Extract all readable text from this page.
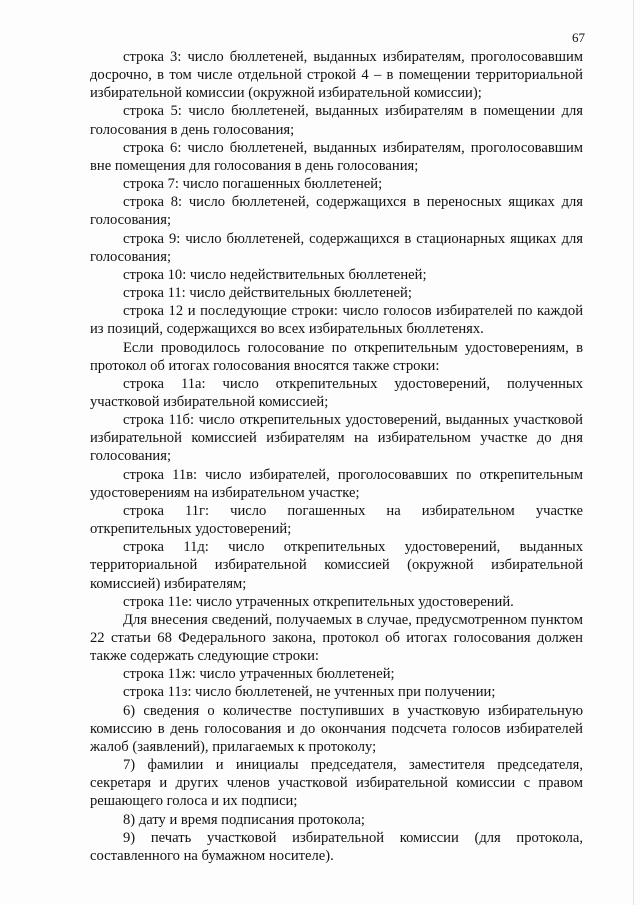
67

строка 3: число бюллетеней, выданных избирателям, проголосовавшим досрочно, в том числе отдельной строкой 4 – в помещении территориальной избирательной комиссии (окружной избирательной комиссии);

строка 5: число бюллетеней, выданных избирателям в помещении для голосования в день голосования;

строка 6: число бюллетеней, выданных избирателям, проголосовавшим вне помещения для голосования в день голосования;

строка 7: число погашенных бюллетеней;

строка 8: число бюллетеней, содержащихся в переносных ящиках для голосования;

строка 9: число бюллетеней, содержащихся в стационарных ящиках для голосования;

строка 10: число недействительных бюллетеней;

строка 11: число действительных бюллетеней;

строка 12 и последующие строки: число голосов избирателей по каждой из позиций, содержащихся во всех избирательных бюллетенях.

Если проводилось голосование по открепительным удостоверениям, в протокол об итогах голосования вносятся также строки:

строка 11а: число открепительных удостоверений, полученных участковой избирательной комиссией;

строка 11б: число открепительных удостоверений, выданных участковой избирательной комиссией избирателям на избирательном участке до дня голосования;

строка 11в: число избирателей, проголосовавших по открепительным удостоверениям на избирательном участке;

строка 11г: число погашенных на избирательном участке открепительных удостоверений;

строка 11д: число открепительных удостоверений, выданных территориальной избирательной комиссией (окружной избирательной комиссией) избирателям;

строка 11е: число утраченных открепительных удостоверений.

Для внесения сведений, получаемых в случае, предусмотренном пунктом 22 статьи 68 Федерального закона, протокол об итогах голосования должен также содержать следующие строки:

строка 11ж: число утраченных бюллетеней;

строка 11з: число бюллетеней, не учтенных при получении;

6) сведения о количестве поступивших в участковую избирательную комиссию в день голосования и до окончания подсчета голосов избирателей жалоб (заявлений), прилагаемых к протоколу;

7) фамилии и инициалы председателя, заместителя председателя, секретаря и других членов участковой избирательной комиссии с правом решающего голоса и их подписи;

8) дату и время подписания протокола;

9) печать участковой избирательной комиссии (для протокола, составленного на бумажном носителе).
